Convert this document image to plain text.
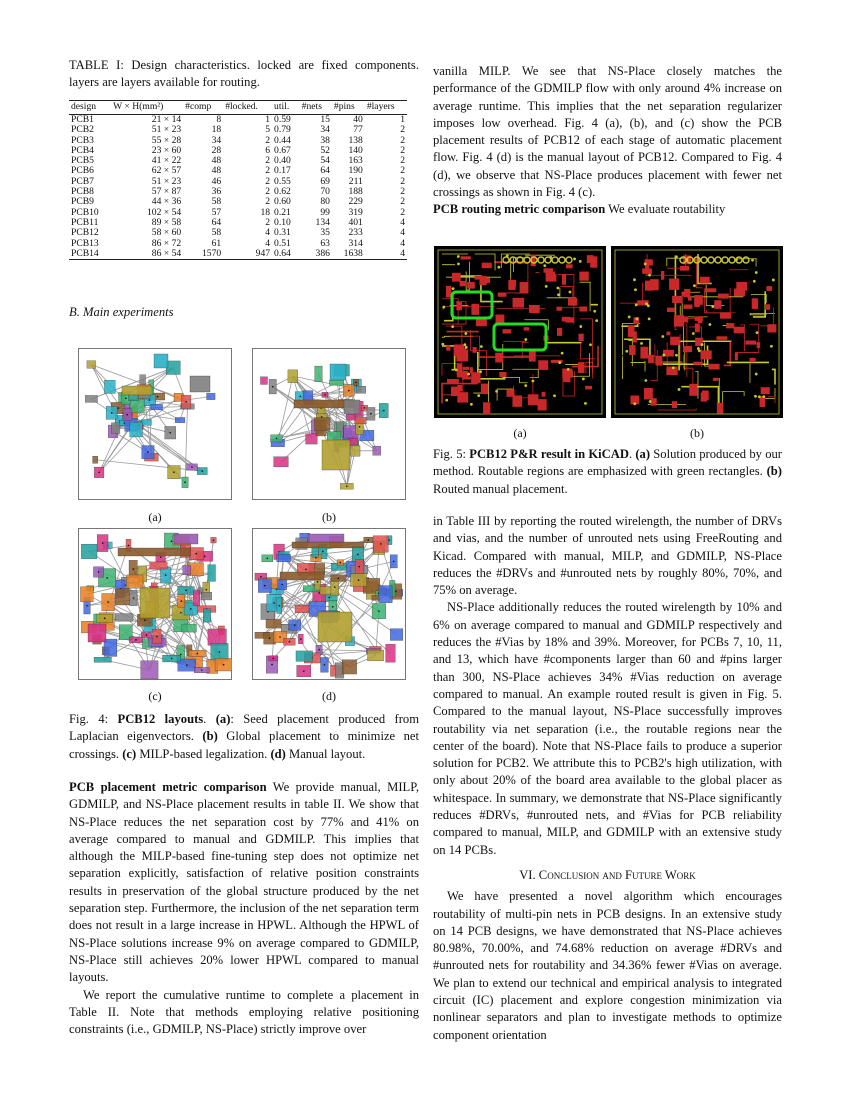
TABLE I: Design characteristics. locked are fixed components. layers are layers available for routing.
design	W × H(mm²)	#comp	#locked.	util.	#nets	#pins	#layers
PCB1	21 × 14	8	1	0.59	15	40	1
PCB2	51 × 23	18	5	0.79	34	77	2
PCB3	55 × 28	34	2	0.44	38	138	2
PCB4	23 × 60	28	6	0.67	52	140	2
PCB5	41 × 22	48	2	0.40	54	163	2
PCB6	62 × 57	48	2	0.17	64	190	2
PCB7	51 × 23	46	2	0.55	69	211	2
PCB8	57 × 87	36	2	0.62	70	188	2
PCB9	44 × 36	58	2	0.60	80	229	2
PCB10	102 × 54	57	18	0.21	99	319	2
PCB11	89 × 58	64	2	0.10	134	401	4
PCB12	58 × 60	58	4	0.31	35	233	4
PCB13	86 × 72	61	4	0.51	63	314	4
PCB14	86 × 54	1570	947	0.64	386	1638	4
B. Main experiments
(a)	(b)
(c)	(d)
Fig. 4: PCB12 layouts. (a): Seed placement produced from Laplacian eigenvectors. (b) Global placement to minimize net crossings. (c) MILP-based legalization. (d) Manual layout.

PCB placement metric comparison We provide manual, MILP, GDMILP, and NS-Place placement results in table II. We show that NS-Place reduces the net separation cost by 77% and 41% on average compared to manual and GDMILP. This implies that although the MILP-based fine-tuning step does not optimize net separation explicitly, satisfaction of relative position constraints results in preservation of the global structure produced by the net separation step. Furthermore, the inclusion of the net separation term does not result in a large increase in HPWL. Although the HPWL of NS-Place solutions increase 9% on average compared to GDMILP, NS-Place still achieves 20% lower HPWL compared to manual layouts.

We report the cumulative runtime to complete a placement in Table II. Note that methods employing relative positioning constraints (i.e., GDMILP, NS-Place) strictly improve over

vanilla MILP. We see that NS-Place closely matches the performance of the GDMILP flow with only around 4% increase on average runtime. This implies that the net separation regularizer imposes low overhead. Fig. 4 (a), (b), and (c) show the PCB placement results of PCB12 of each stage of automatic placement flow. Fig. 4 (d) is the manual layout of PCB12. Compared to Fig. 4 (d), we observe that NS-Place produces placement with fewer net crossings as shown in Fig. 4 (c).

PCB routing metric comparison We evaluate routability

(a)	(b)
Fig. 5: PCB12 P&R result in KiCAD. (a) Solution produced by our method. Routable regions are emphasized with green rectangles. (b) Routed manual placement.

in Table III by reporting the routed wirelength, the number of DRVs and vias, and the number of unrouted nets using FreeRouting and Kicad. Compared with manual, MILP, and GDMILP, NS-Place reduces the #DRVs and #unrouted nets by roughly 80%, 70%, and 75% on average.

NS-Place additionally reduces the routed wirelength by 10% and 6% on average compared to manual and GDMILP respectively and reduces the #Vias by 18% and 39%. Moreover, for PCBs 7, 10, 11, and 13, which have #components larger than 60 and #pins larger than 300, NS-Place achieves 34% #Vias reduction on average compared to manual. An example routed result is given in Fig. 5. Compared to the manual layout, NS-Place successfully improves routability via net separation (i.e., the routable regions near the center of the board). Note that NS-Place fails to produce a superior solution for PCB2. We attribute this to PCB2's high utilization, with only about 20% of the board area available to the global placer as whitespace. In summary, we demonstrate that NS-Place significantly reduces #DRVs, #unrouted nets, and #Vias for PCB reliability compared to manual, MILP, and GDMILP with an extensive study on 14 PCBs.

VI. Conclusion and Future Work

We have presented a novel algorithm which encourages routability of multi-pin nets in PCB designs. In an extensive study on 14 PCB designs, we have demonstrated that NS-Place achieves 80.98%, 70.00%, and 74.68% reduction on average #DRVs and #unrouted nets for routability and 34.36% fewer #Vias on average. We plan to extend our technical and empirical analysis to integrated circuit (IC) placement and explore congestion minimization via nonlinear separators and plan to investigate methods to optimize component orientation
